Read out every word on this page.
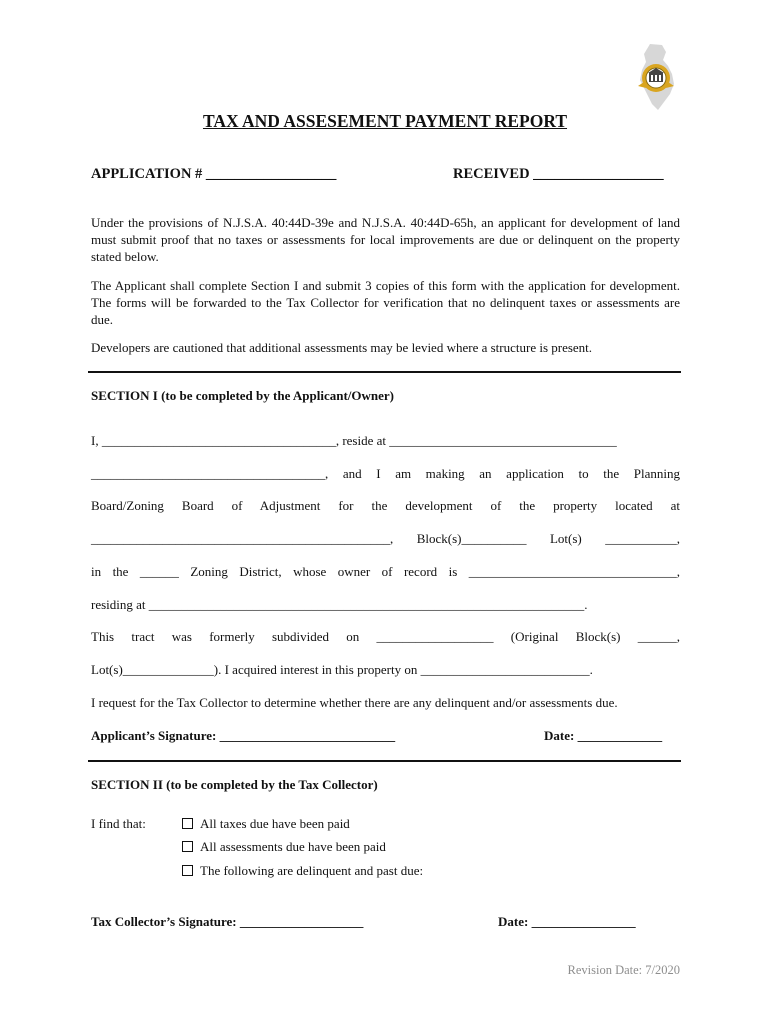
TAX AND ASSESEMENT PAYMENT REPORT
APPLICATION # __________________	RECEIVED __________________
Under the provisions of N.J.S.A. 40:44D-39e and N.J.S.A. 40:44D-65h, an applicant for development of land must submit proof that no taxes or assessments for local improvements are due or delinquent on the property stated below.
The Applicant shall complete Section I and submit 3 copies of this form with the application for development. The forms will be forwarded to the Tax Collector for verification that no delinquent taxes or assessments are due.
Developers are cautioned that additional assessments may be levied where a structure is present.
SECTION I (to be completed by the Applicant/Owner)
I, ____________________________________, reside at ___________________________________
____________________________________, and I am making an application to the Planning
Board/Zoning Board of Adjustment for the development of the property located at
______________________________________________, Block(s)__________ Lot(s) ___________,
in the ______ Zoning District, whose owner of record is ________________________________,
residing at ___________________________________________________________________.
This tract was formerly subdivided on __________________ (Original Block(s) ______,
Lot(s)______________). I acquired interest in this property on __________________________.
I request for the Tax Collector to determine whether there are any delinquent and/or assessments due.
Applicant’s Signature: ___________________________	Date: _____________
SECTION II (to be completed by the Tax Collector)
I find that:	All taxes due have been paid
All assessments due have been paid
The following are delinquent and past due:
Tax Collector’s Signature: ___________________	Date: ________________
Revision Date: 7/2020
